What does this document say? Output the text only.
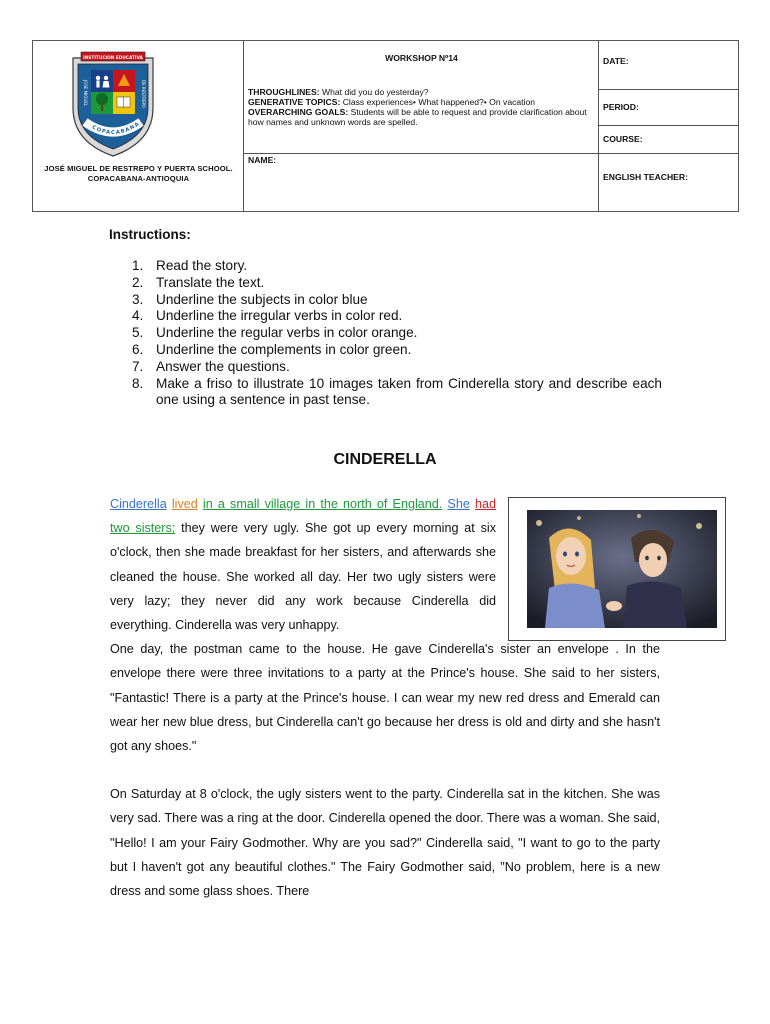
INSTITUCION EDUCATIVA
JOSE MIGUEL	DE RESTREPO
COPACABANA
JOSÉ MIGUEL DE RESTREPO Y PUERTA SCHOOL.
COPACABANA-ANTIOQUIA
WORKSHOP Nº14
THROUGHLINES: What did you do yesterday?
GENERATIVE TOPICS: Class experiences• What happened?• On vacation
OVERARCHING GOALS: Students will be able to request and provide clarification about how names and unknown words are spelled.
NAME:
DATE:
PERIOD:
COURSE:
ENGLISH TEACHER:
Instructions:
1. Read the story.
2. Translate the text.
3. Underline the subjects in color blue
4. Underline the irregular verbs in color red.
5. Underline the regular verbs in color orange.
6. Underline the complements in color green.
7. Answer the questions.
8. Make a friso to illustrate 10 images taken from Cinderella story and describe each one using a sentence in past tense.
CINDERELLA

Cinderella lived in a small village in the north of England. She had two sisters; they were very ugly. She got up every morning at six o'clock, then she made breakfast for her sisters, and afterwards she cleaned the house. She worked all day. Her two ugly sisters were very lazy; they never did any work because Cinderella did everything. Cinderella was very unhappy.

One day, the postman came to the house. He gave Cinderella's sister an envelope . In the envelope there were three invitations to a party at the Prince's house. She said to her sisters, "Fantastic! There is a party at the Prince's house. I can wear my new red dress and Emerald can wear her new blue dress, but Cinderella can't go because her dress is old and dirty and she hasn't got any shoes."

On Saturday at 8 o'clock, the ugly sisters went to the party. Cinderella sat in the kitchen. She was very sad. There was a ring at the door. Cinderella opened the door. There was a woman. She said, "Hello! I am your Fairy Godmother. Why are you sad?" Cinderella said, "I want to go to the party but I haven't got any beautiful clothes." The Fairy Godmother said, "No problem, here is a new dress and some glass shoes. There
